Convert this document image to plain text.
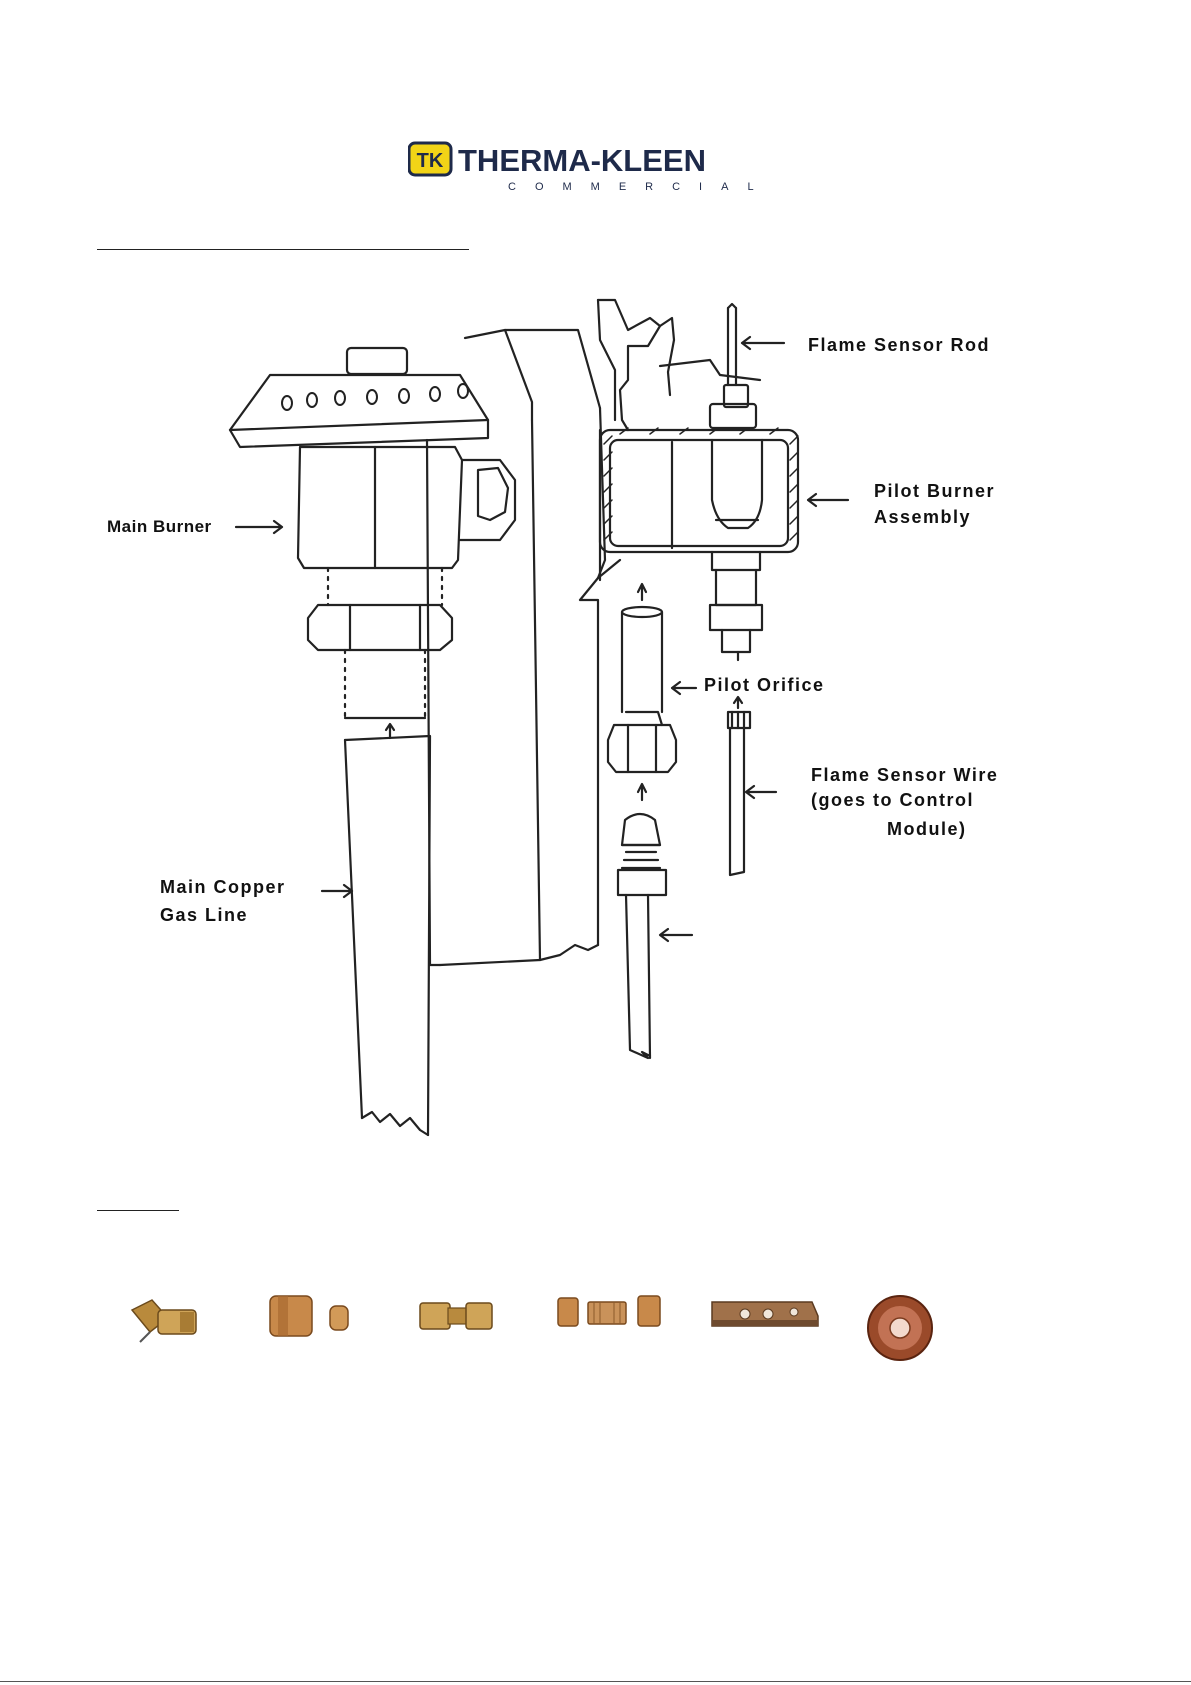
TK THERMA-KLEEN
COMMERCIAL
Flame Sensor Rod
Pilot Burner
Assembly
Main Burner
Pilot Orifice
Flame Sensor Wire
(goes to Control
Module)
Main Copper
Gas Line
